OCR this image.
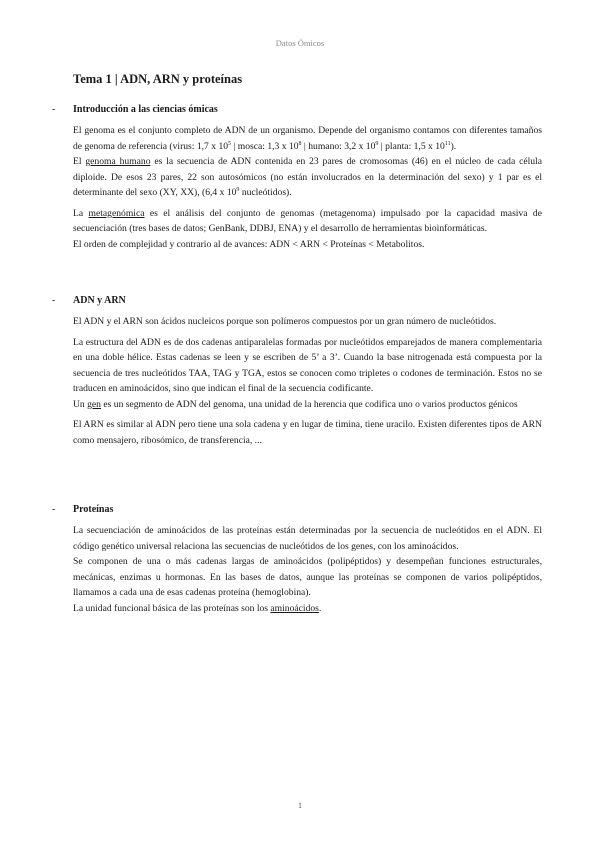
Datos Ómicos
Tema 1 | ADN, ARN y proteínas
-	Introducción a las ciencias ómicas
El genoma es el conjunto completo de ADN de un organismo. Depende del organismo contamos con diferentes tamaños de genoma de referencia (virus: 1,7 x $10^5$ | mosca: 1,3 x $10^8$ | humano: 3,2 x $10^9$ | planta: 1,5 x $10^{11}$).
El genoma humano es la secuencia de ADN contenida en 23 pares de cromosomas (46) en el núcleo de cada célula diploide. De esos 23 pares, 22 son autosómicos (no están involucrados en la determinación del sexo) y 1 par es el determinante del sexo (XY, XX), (6,4 x $10^9$ nucleótidos).
La metagenómica es el análisis del conjunto de genomas (metagenoma) impulsado por la capacidad masiva de secuenciación (tres bases de datos; GenBank, DDBJ, ENA) y el desarrollo de herramientas bioinformáticas.
El orden de complejidad y contrario al de avances: ADN < ARN < Proteínas < Metabolitos.
-	ADN y ARN
El ADN y el ARN son ácidos nucleicos porque son polímeros compuestos por un gran número de nucleótidos.
La estructura del ADN es de dos cadenas antiparalelas formadas por nucleótidos emparejados de manera complementaria en una doble hélice. Estas cadenas se leen y se escriben de 5’ a 3’. Cuando la base nitrogenada está compuesta por la secuencia de tres nucleótidos TAA, TAG y TGA, estos se conocen como tripletes o codones de terminación. Estos no se traducen en aminoácidos, sino que indican el final de la secuencia codificante.
Un gen es un segmento de ADN del genoma, una unidad de la herencia que codifica uno o varios productos génicos
El ARN es similar al ADN pero tiene una sola cadena y en lugar de timina, tiene uracilo. Existen diferentes tipos de ARN como mensajero, ribosómico, de transferencia, ...
-	Proteínas
La secuenciación de aminoácidos de las proteínas están determinadas por la secuencia de nucleótidos en el ADN. El código genético universal relaciona las secuencias de nucleótidos de los genes, con los aminoácidos.
Se componen de una o más cadenas largas de aminoácidos (polipéptidos) y desempeñan funciones estructurales, mecánicas, enzimas u hormonas. En las bases de datos, aunque las proteínas se componen de varios polipéptidos, llamamos a cada una de esas cadenas proteína (hemoglobina).
La unidad funcional básica de las proteínas son los aminoácidos.
1
